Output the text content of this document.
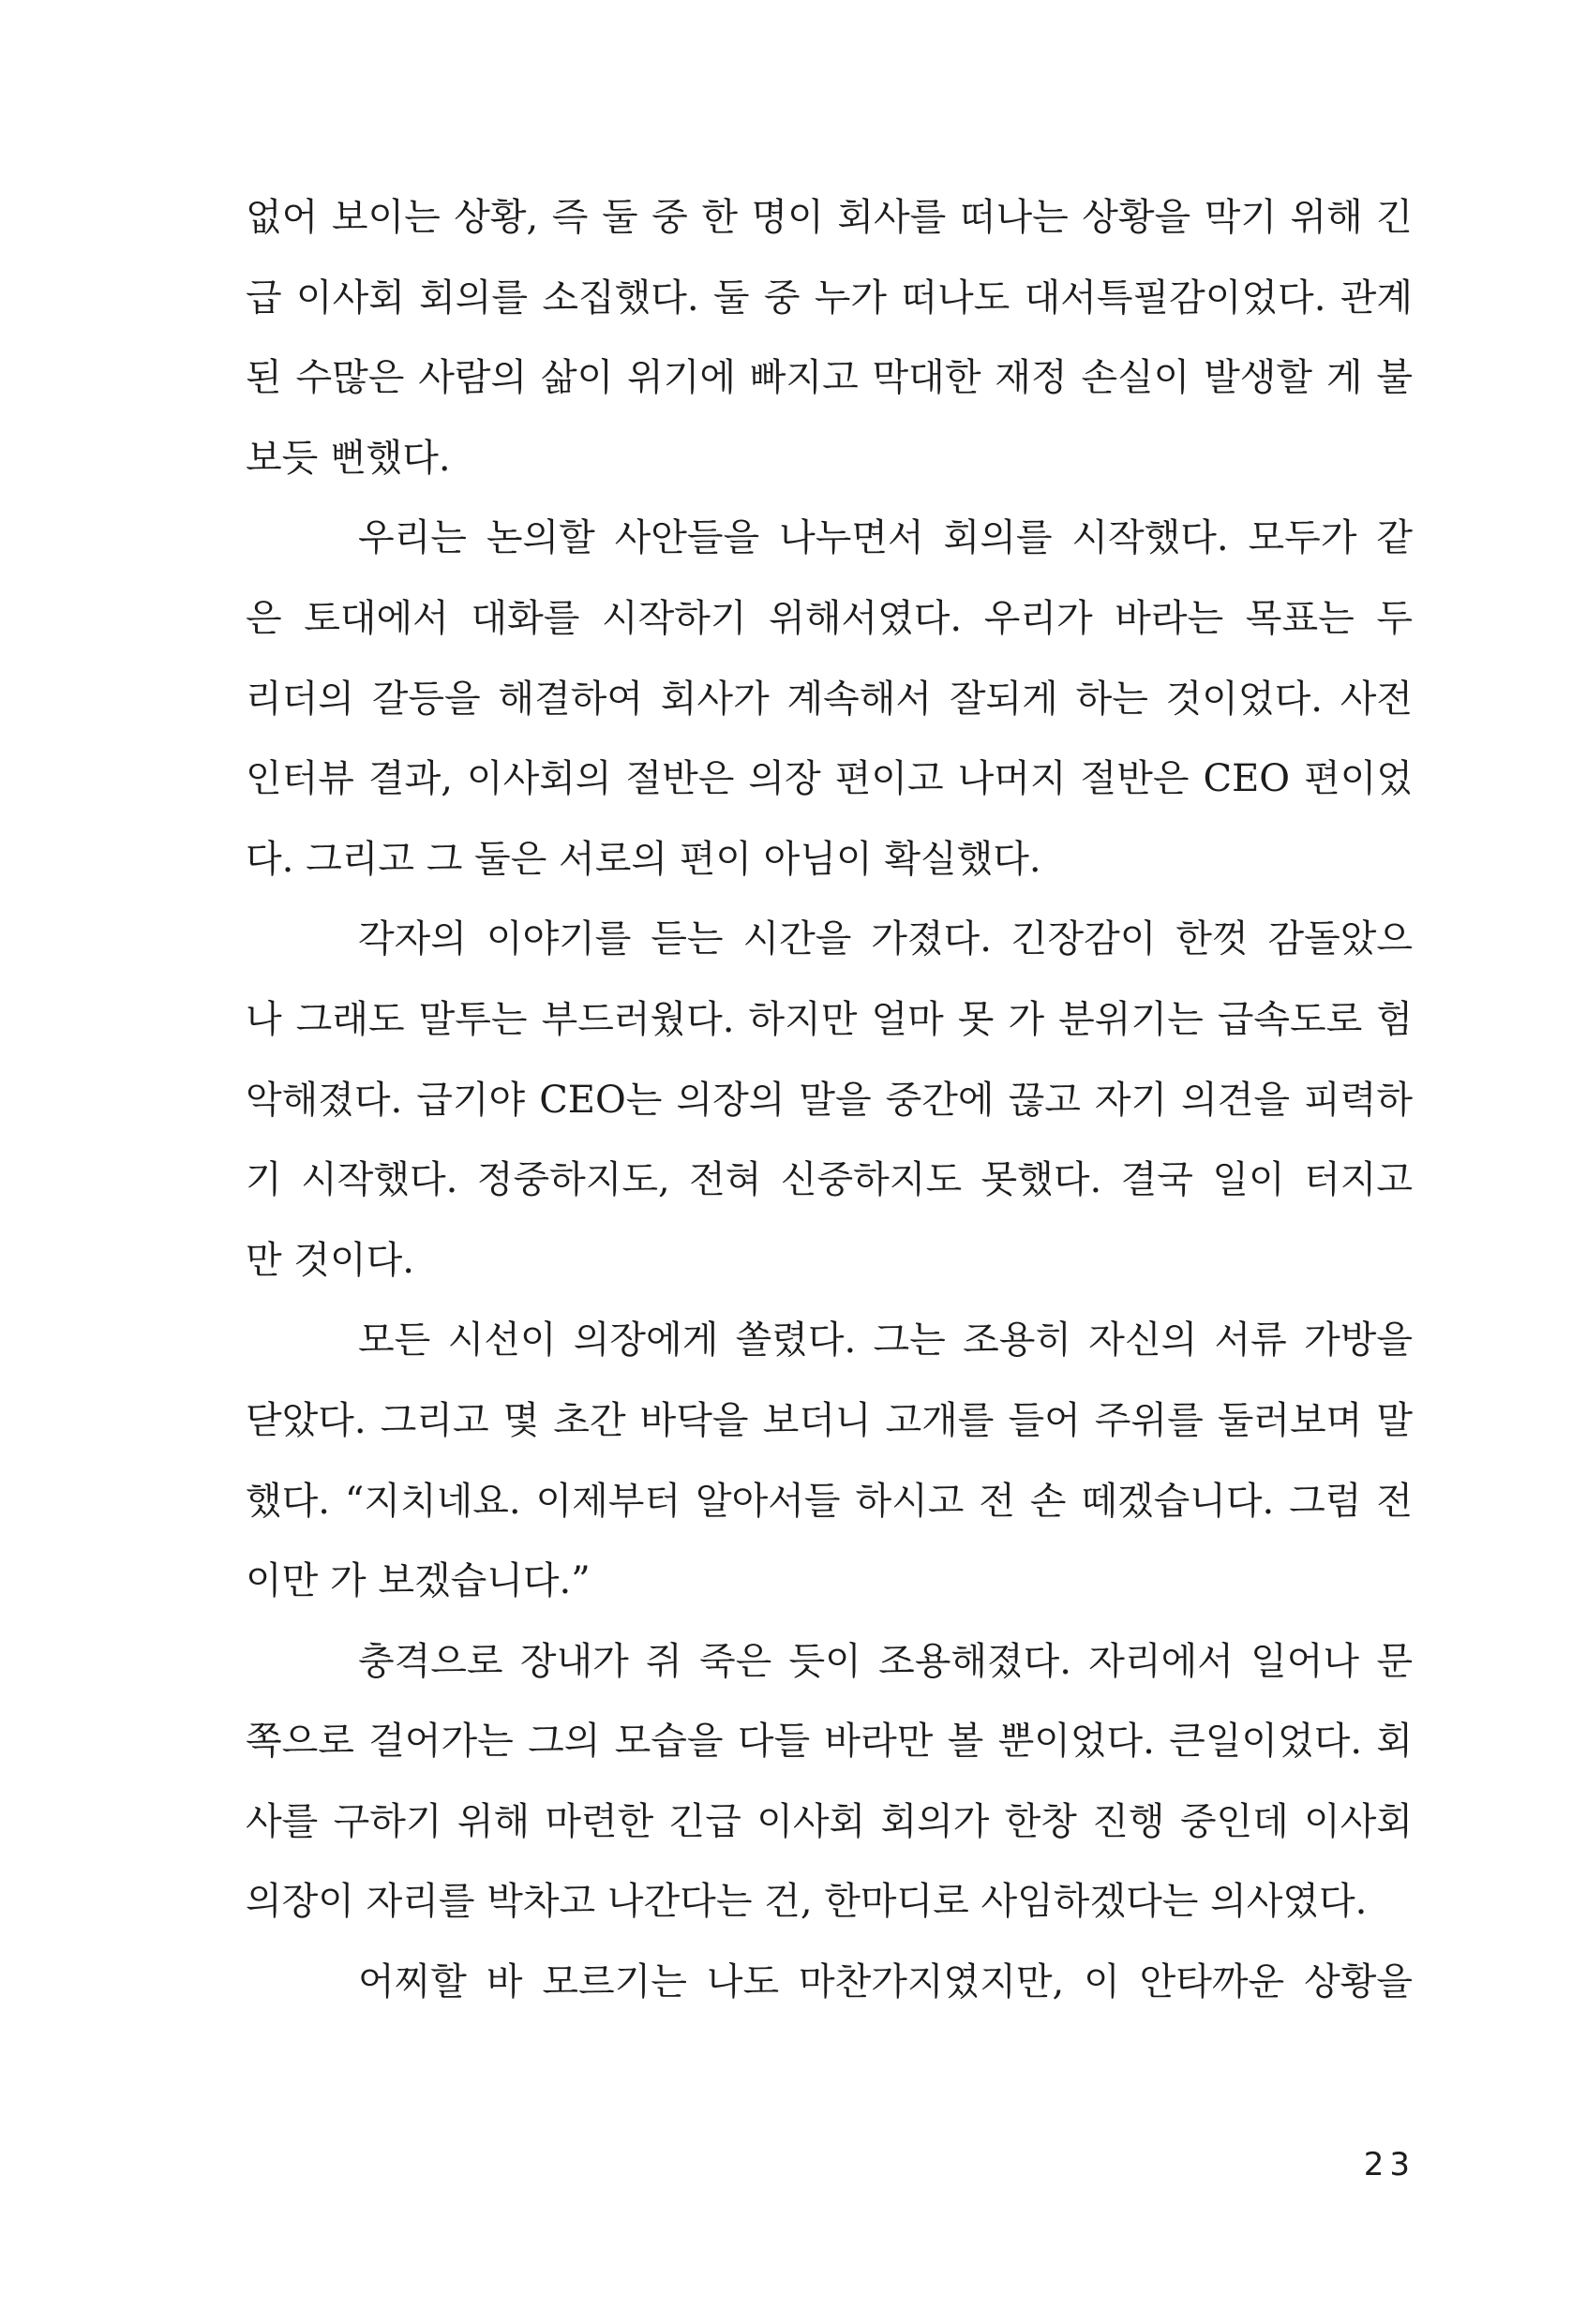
없어 보이는 상황, 즉 둘 중 한 명이 회사를 떠나는 상황을 막기 위해 긴
급 이사회 회의를 소집했다. 둘 중 누가 떠나도 대서특필감이었다. 관계
된 수많은 사람의 삶이 위기에 빠지고 막대한 재정 손실이 발생할 게 불
보듯 뻔했다.
우리는 논의할 사안들을 나누면서 회의를 시작했다. 모두가 같
은 토대에서 대화를 시작하기 위해서였다. 우리가 바라는 목표는 두
리더의 갈등을 해결하여 회사가 계속해서 잘되게 하는 것이었다. 사전
인터뷰 결과, 이사회의 절반은 의장 편이고 나머지 절반은 CEO 편이었
다. 그리고 그 둘은 서로의 편이 아님이 확실했다.
각자의 이야기를 듣는 시간을 가졌다. 긴장감이 한껏 감돌았으
나 그래도 말투는 부드러웠다. 하지만 얼마 못 가 분위기는 급속도로 험
악해졌다. 급기야 CEO는 의장의 말을 중간에 끊고 자기 의견을 피력하
기 시작했다. 정중하지도, 전혀 신중하지도 못했다. 결국 일이 터지고
만 것이다.
모든 시선이 의장에게 쏠렸다. 그는 조용히 자신의 서류 가방을
닫았다. 그리고 몇 초간 바닥을 보더니 고개를 들어 주위를 둘러보며 말
했다. “지치네요. 이제부터 알아서들 하시고 전 손 떼겠습니다. 그럼 전
이만 가 보겠습니다.”
충격으로 장내가 쥐 죽은 듯이 조용해졌다. 자리에서 일어나 문
쪽으로 걸어가는 그의 모습을 다들 바라만 볼 뿐이었다. 큰일이었다. 회
사를 구하기 위해 마련한 긴급 이사회 회의가 한창 진행 중인데 이사회
의장이 자리를 박차고 나간다는 건, 한마디로 사임하겠다는 의사였다.
어찌할 바 모르기는 나도 마찬가지였지만, 이 안타까운 상황을
23
